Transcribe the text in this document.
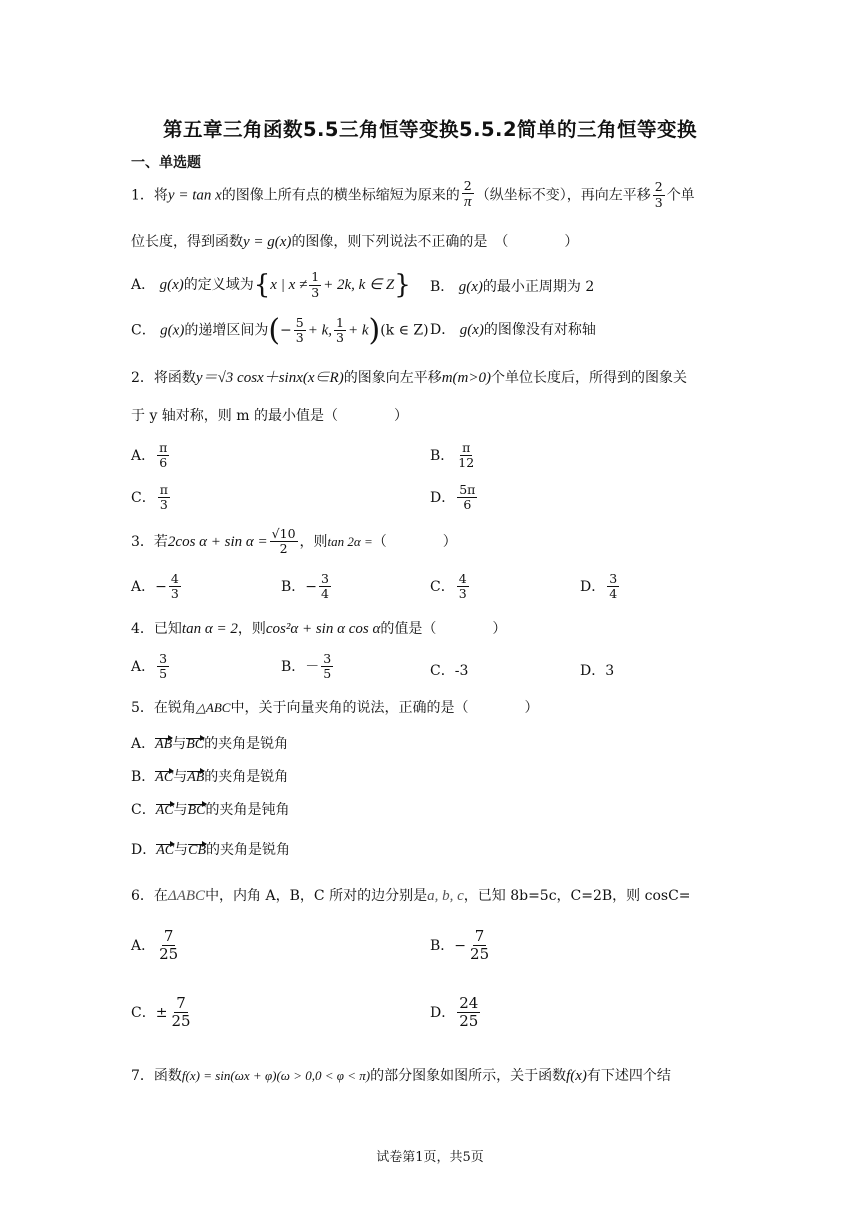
第五章三角函数5.5三角恒等变换5.5.2简单的三角恒等变换
一、单选题
1．将y = tan x的图像上所有点的横坐标缩短为原来的 $\frac{2}{\pi}$ （纵坐标不变），再向左平移 $\frac{2}{3}$ 个单
位长度，得到函数y = g(x)的图像，则下列说法不正确的是　（　　　　）
A． g(x)的定义域为{x | $x \ne \frac{1}{3} + 2k$, k ∈ Z} B． g(x)的最小正周期为 2
C． g(x)的递增区间为(− $\frac{5}{3} + k$, $\frac{1}{3} + k)(k$ ∈ Z) D． g(x)的图像没有对称轴
2．将函数y＝√3 cosx＋sinx(x∈R)的图象向左平移m(m>0)个单位长度后，所得到的图象关
于 y 轴对称，则 m 的最小值是（　　　　）
A． $\frac{\pi}{6}$	B． $\frac{\pi}{12}$
C． $\frac{\pi}{3}$	D． $\frac{5\pi}{6}$
3．若2cos $\alpha + \sin \alpha = \frac{√10}{2}$ ，则tan 2α =（　　　　）
A．− $\frac{4}{3}$	B．− $\frac{3}{4}$	C． $\frac{4}{3}$	D． $\frac{3}{4}$
4．已知tan α = 2，则cos²α + sin α cos α的值是（　　　　）
A． $\frac{3}{5}$	B．－ $\frac{3}{5}$	C．-3	D．3
5．在锐角△ABC中，关于向量夹角的说法，正确的是（　　　　）
A．AB与BC的夹角是锐角
B．AC与AB的夹角是锐角
C．AC与BC的夹角是钝角
D．AC与CB的夹角是锐角
6．在ΔABC中，内角 A，B，C 所对的边分别是a, b, c，已知 8b=5c，C=2B，则 cosC=
A． $\frac{7}{25}$	B．− $\frac{7}{25}$
C．± $\frac{7}{25}$	D． $\frac{24}{25}$
7．函数f(x) = sin(ωx + φ)(ω > 0,0 < φ < π)的部分图象如图所示，关于函数f(x)有下述四个结
试卷第1页，共5页
